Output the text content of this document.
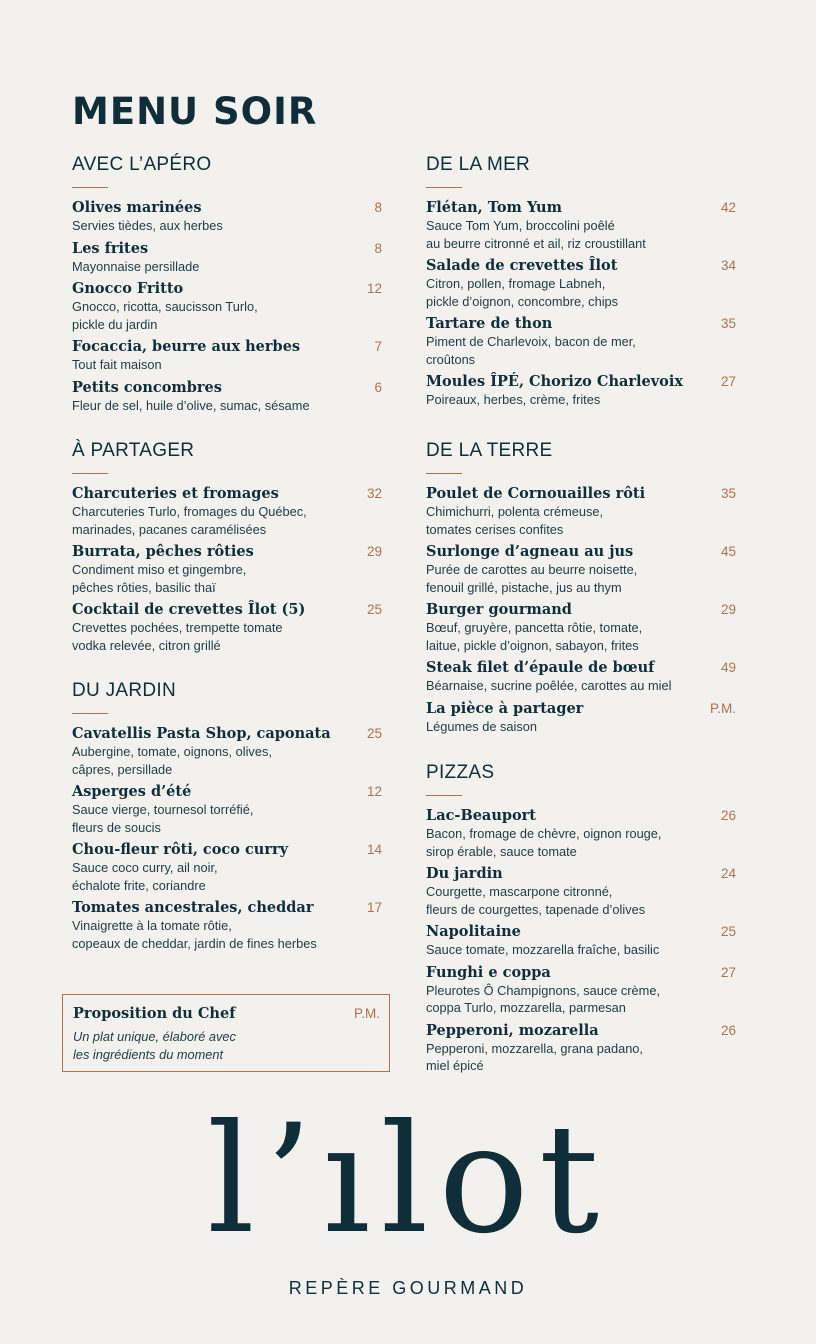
MENU SOIR
AVEC L’APÉRO
Olives marinées	8
Servies tièdes, aux herbes
Les frites	8
Mayonnaise persillade
Gnocco Fritto	12
Gnocco, ricotta, saucisson Turlo,
pickle du jardin
Focaccia, beurre aux herbes	7
Tout fait maison
Petits concombres	6
Fleur de sel, huile d’olive, sumac, sésame
À PARTAGER
Charcuteries et fromages	32
Charcuteries Turlo, fromages du Québec,
marinades, pacanes caramélisées
Burrata, pêches rôties	29
Condiment miso et gingembre,
pêches rôties, basilic thaï
Cocktail de crevettes Îlot (5)	25
Crevettes pochées, trempette tomate
vodka relevée, citron grillé
DU JARDIN
Cavatellis Pasta Shop, caponata	25
Aubergine, tomate, oignons, olives,
câpres, persillade
Asperges d’été	12
Sauce vierge, tournesol torréfié,
fleurs de soucis
Chou-fleur rôti, coco curry	14
Sauce coco curry, ail noir,
échalote frite, coriandre
Tomates ancestrales, cheddar	17
Vinaigrette à la tomate rôtie,
copeaux de cheddar, jardin de fines herbes
DE LA MER
Flétan, Tom Yum	42
Sauce Tom Yum, broccolini poêlé
au beurre citronné et ail, riz croustillant
Salade de crevettes Îlot	34
Citron, pollen, fromage Labneh,
pickle d’oignon, concombre, chips
Tartare de thon	35
Piment de Charlevoix, bacon de mer,
croûtons
Moules ÎPÉ, Chorizo Charlevoix	27
Poireaux, herbes, crème, frites
DE LA TERRE
Poulet de Cornouailles rôti	35
Chimichurri, polenta crémeuse,
tomates cerises confites
Surlonge d’agneau au jus	45
Purée de carottes au beurre noisette,
fenouil grillé, pistache, jus au thym
Burger gourmand	29
Bœuf, gruyère, pancetta rôtie, tomate,
laitue, pickle d’oignon, sabayon, frites
Steak filet d’épaule de bœuf	49
Béarnaise, sucrine poêlée, carottes au miel
La pièce à partager	P.M.
Légumes de saison
PIZZAS
Lac-Beauport	26
Bacon, fromage de chèvre, oignon rouge,
sirop érable, sauce tomate
Du jardin	24
Courgette, mascarpone citronné,
fleurs de courgettes, tapenade d’olives
Napolitaine	25
Sauce tomate, mozzarella fraîche, basilic
Funghi e coppa	27
Pleurotes Ô Champignons, sauce crème,
coppa Turlo, mozzarella, parmesan
Pepperoni, mozarella	26
Pepperoni, mozzarella, grana padano,
miel épicé
Proposition du Chef	P.M.
Un plat unique, élaboré avec
les ingrédients du moment
l’ılot
REPÈRE GOURMAND
